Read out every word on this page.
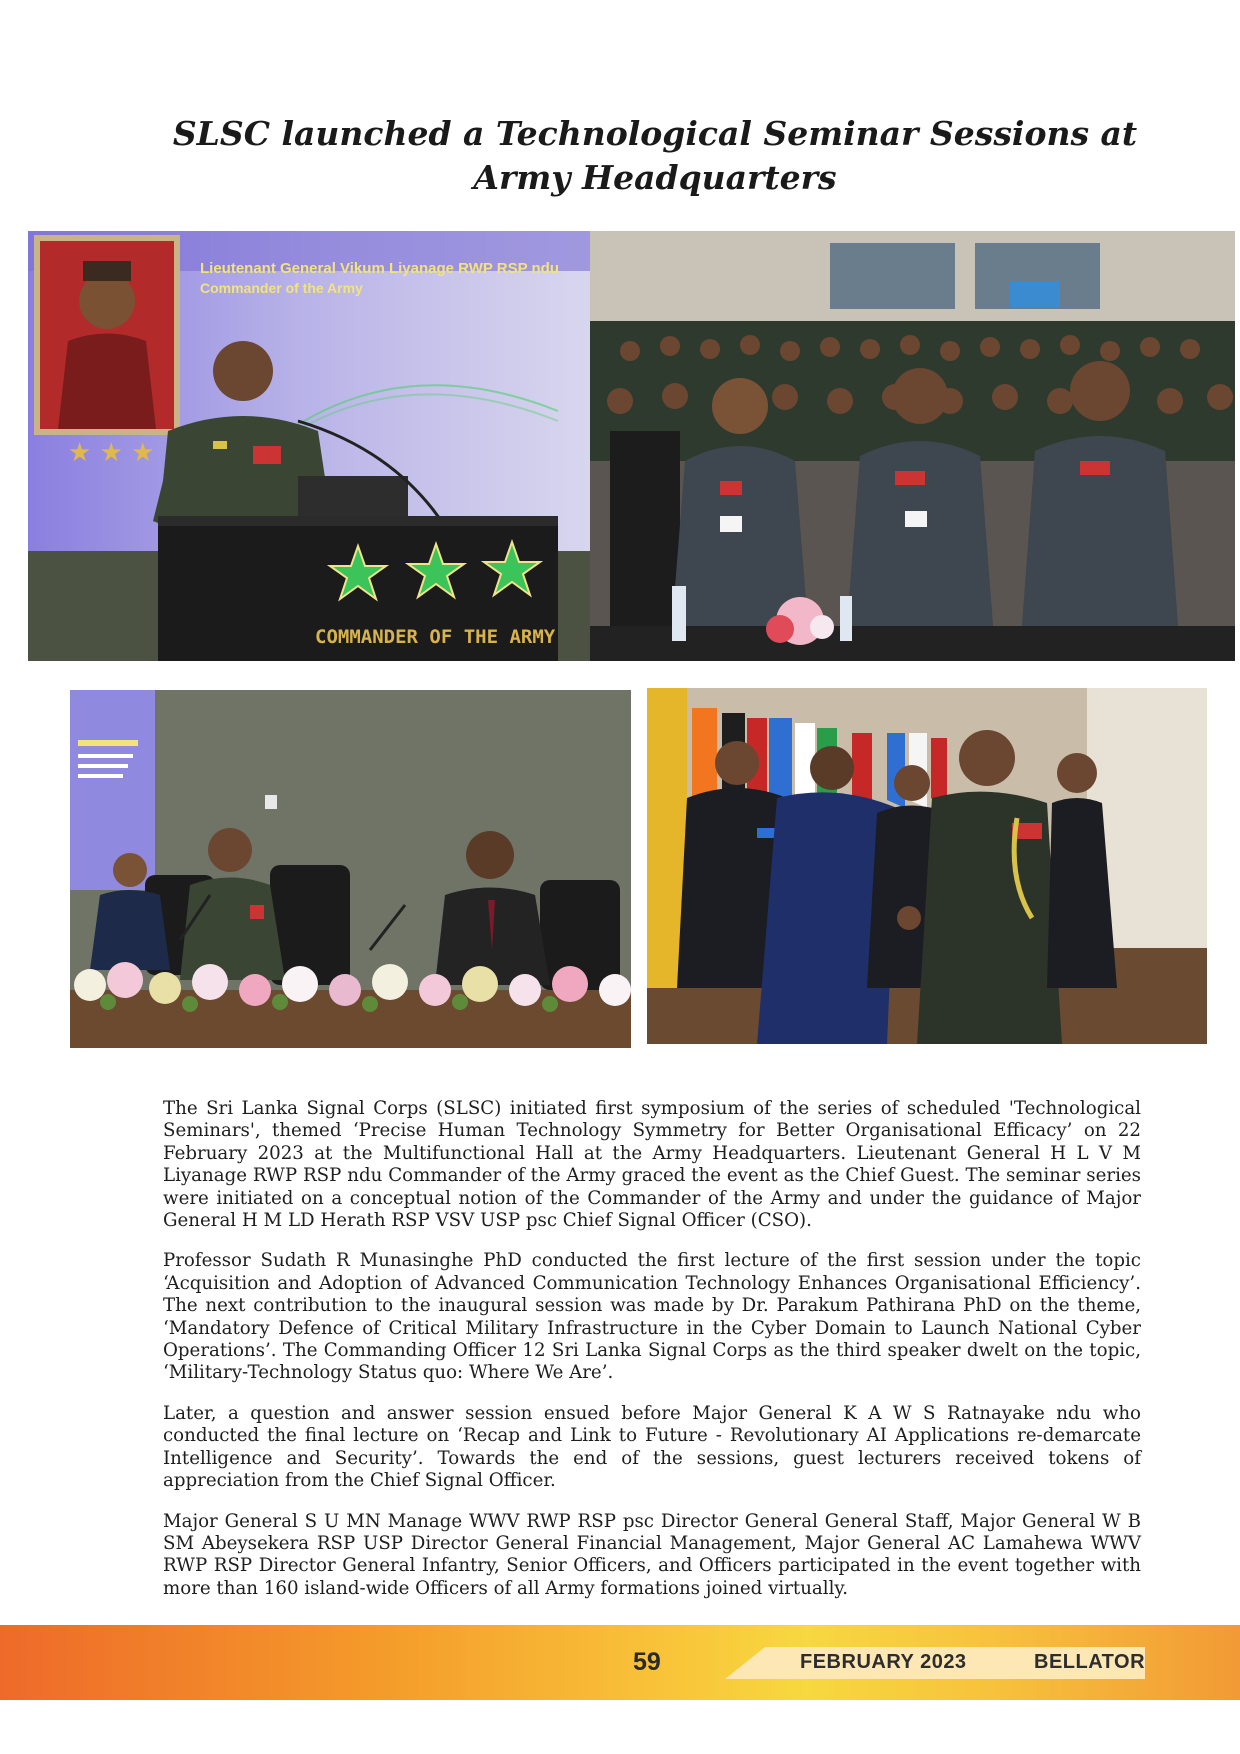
SLSC launched a Technological Seminar Sessions at
Army Headquarters
★ ★ ★
Lieutenant General Vikum Liyanage RWP RSP ndu
Commander of the Army
COMMANDER OF THE ARMY

The Sri Lanka Signal Corps (SLSC) initiated first symposium of the series of scheduled 'Technological Seminars', themed ‘Precise Human Technology Symmetry for Better Organisational Efficacy’ on 22 February 2023 at the Multifunctional Hall at the Army Headquarters. Lieutenant General H L V M Liyanage RWP RSP ndu Commander of the Army graced the event as the Chief Guest. The seminar series were initiated on a conceptual notion of the Commander of the Army and under the guidance of Major General H M LD Herath RSP VSV USP psc Chief Signal Officer (CSO).

Professor Sudath R Munasinghe PhD conducted the first lecture of the first session under the topic ‘Acquisition and Adoption of Advanced Communication Technology Enhances Organisational Efficiency’. The next contribution to the inaugural session was made by Dr. Parakum Pathirana PhD on the theme, ‘Mandatory Defence of Critical Military Infrastructure in the Cyber Domain to Launch National Cyber Operations’. The Commanding Officer 12 Sri Lanka Signal Corps as the third speaker dwelt on the topic, ‘Military-Technology Status quo: Where We Are’.

Later, a question and answer session ensued before Major General K A W S Ratnayake ndu who conducted the final lecture on ‘Recap and Link to Future - Revolutionary AI Applications re-demarcate Intelligence and Security’. Towards the end of the sessions, guest lecturers received tokens of appreciation from the Chief Signal Officer.

Major General S U MN Manage WWV RWP RSP psc Director General General Staff, Major General W B SM Abeysekera RSP USP Director General Financial Management, Major General AC Lamahewa WWV RWP RSP Director General Infantry, Senior Officers, and Officers participated in the event together with more than 160 island-wide Officers of all Army formations joined virtually.

59	FEBRUARY 2023	BELLATOR
